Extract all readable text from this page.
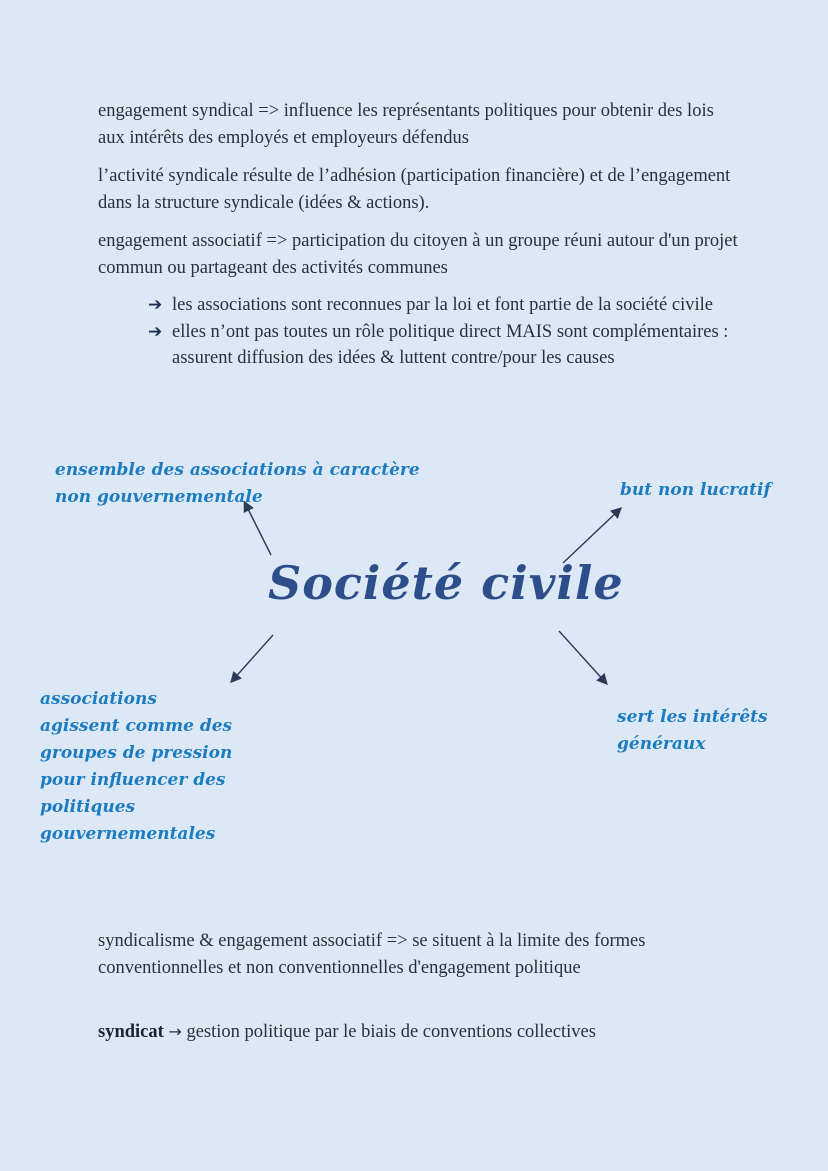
engagement syndical => influence les représentants politiques pour obtenir des lois aux intérêts des employés et employeurs défendus

l’activité syndicale résulte de l’adhésion (participation financière) et de l’engagement dans la structure syndicale (idées & actions).

engagement associatif => participation du citoyen à un groupe réuni autour d'un projet commun ou partageant des activités communes

➔ les associations sont reconnues par la loi et font partie de la société civile
➔ elles n’ont pas toutes un rôle politique direct MAIS sont complémentaires : assurent diffusion des idées & luttent contre/pour les causes

ensemble des associations à caractère non gouvernementale	but non lucratif

Société civile

associations agissent comme des groupes de pression pour influencer des politiques gouvernementales

sert les intérêts généraux

syndicalisme & engagement associatif => se situent à la limite des formes conventionnelles et non conventionnelles d'engagement politique

syndicat → gestion politique par le biais de conventions collectives
